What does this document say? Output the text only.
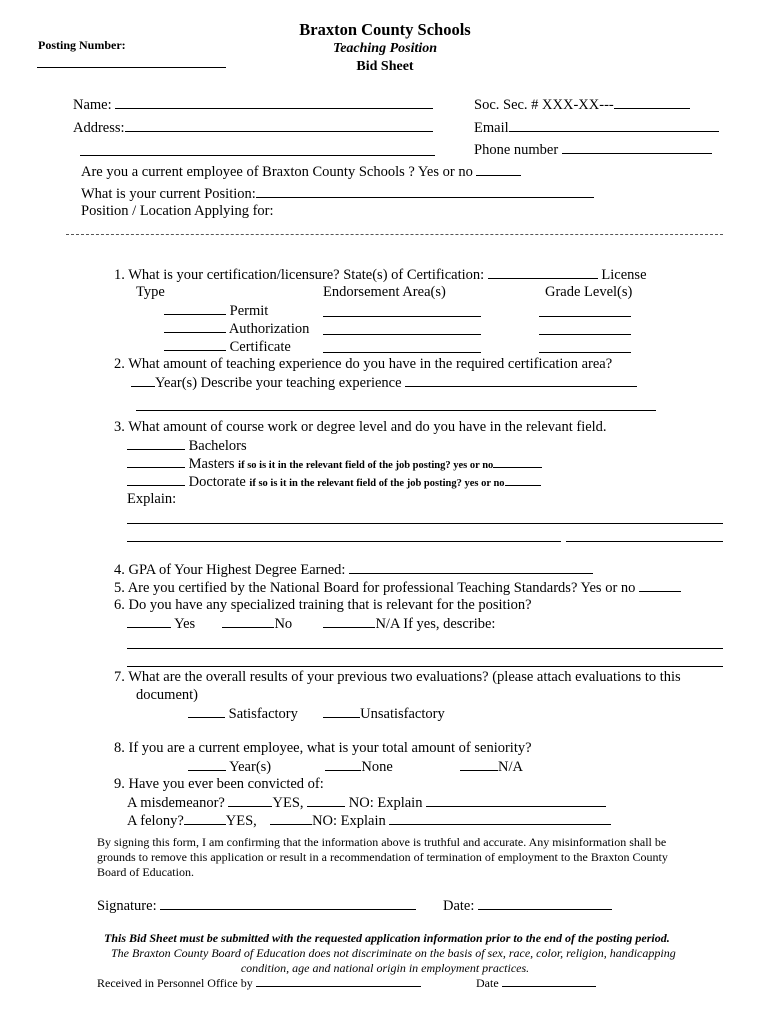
Posting Number:
Braxton County Schools
Teaching Position
Bid Sheet
Name:	Soc. Sec. # XXX-XX---
Address:	Email
Phone number
Are you a current employee of Braxton County Schools ? Yes or no
What is your current Position:
Position / Location Applying for:
1. What is your certification/licensure? State(s) of Certification:	License
Type	Endorsement Area(s)	Grade Level(s)
Permit
Authorization
Certificate
2. What amount of teaching experience do you have in the required certification area?
Year(s) Describe your teaching experience
3. What amount of course work or degree level and do you have in the relevant field.
Bachelors
Masters if so is it in the relevant field of the job posting? yes or no
Doctorate if so is it in the relevant field of the job posting? yes or no
Explain:
4. GPA of Your Highest Degree Earned:
5. Are you certified by the National Board for professional Teaching Standards? Yes or no
6. Do you have any specialized training that is relevant for the position?
Yes	No	N/A If yes, describe:
7. What are the overall results of your previous two evaluations? (please attach evaluations to this
document)
Satisfactory	Unsatisfactory
8. If you are a current employee, what is your total amount of seniority?
Year(s)	None	N/A
9. Have you ever been convicted of:
A misdemeanor?	YES,	NO: Explain
A felony?	YES,	NO: Explain
By signing this form, I am confirming that the information above is truthful and accurate. Any misinformation shall be
grounds to remove this application or result in a recommendation of termination of employment to the Braxton County
Board of Education.
Signature:	Date:
This Bid Sheet must be submitted with the requested application information prior to the end of the posting period.
The Braxton County Board of Education does not discriminate on the basis of sex, race, color, religion, handicapping
condition, age and national origin in employment practices.
Received in Personnel Office by	Date
